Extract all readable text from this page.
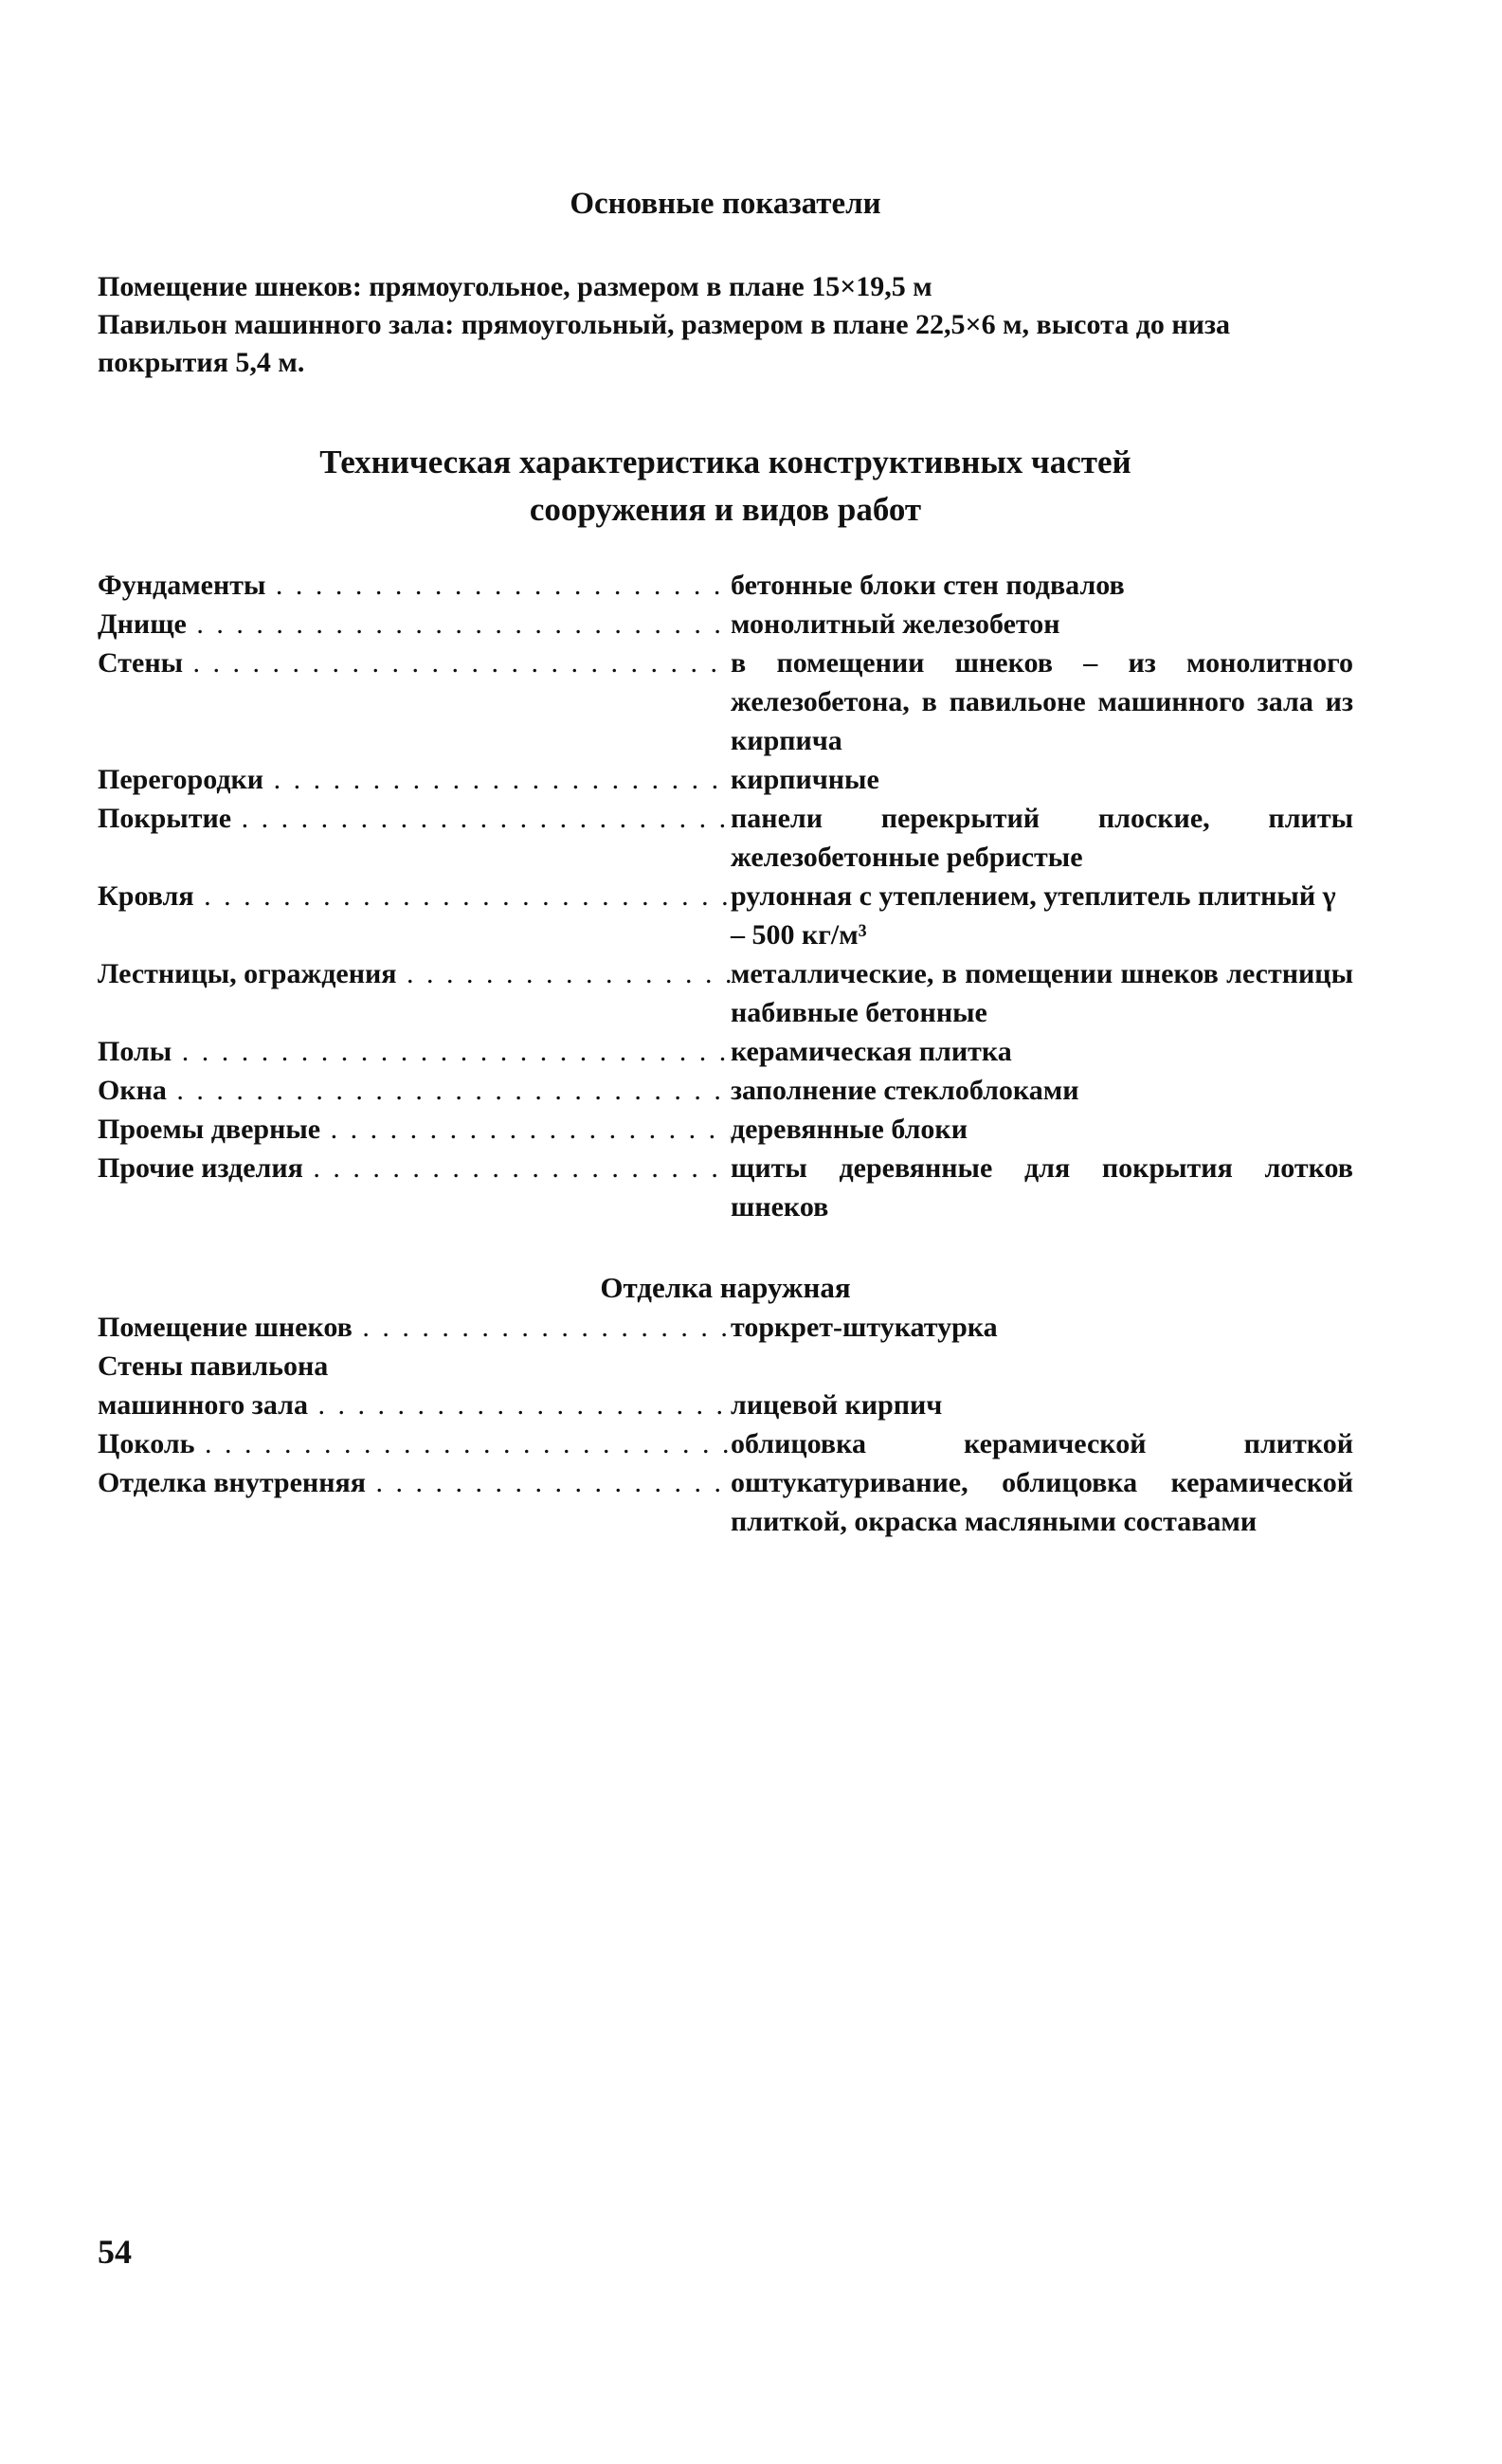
Основные показатели

Помещение шнеков: прямоугольное, размером в плане 15×19,5 м

Павильон машинного зала: прямоугольный, размером в плане 22,5×6 м, высота до низа покрытия 5,4 м.

Техническая характеристика конструктивных частей
сооружения и видов работ
Фундаменты . . .	бетонные блоки стен подвалов
Днище . . .	монолитный железобетон
Стены . . .	в помещении шнеков – из монолитного железобетона, в павильоне машинного зала из кирпича
Перегородки . . .	кирпичные
Покрытие . . .	панели перекрытий плоские, плиты железобетонные ребристые
Кровля . . .	рулонная с утеплением, утеплитель плитный γ – 500 кг/м³
Лестницы, ограждения . . .	металлические, в помещении шнеков лестницы набивные бетонные
Полы . . .	керамическая плитка
Окна . . .	заполнение стеклоблоками
Проемы дверные . . .	деревянные блоки
Прочие изделия . . .	щиты деревянные для покрытия лотков шнеков
Отделка наружная
Помещение шнеков . . .	торкрет-штукатурка
Стены павильона
машинного зала . . .	лицевой кирпич
Цоколь . . .	облицовка керамической плиткой
Отделка внутренняя . . .	оштукатуривание, облицовка керамической плиткой, окраска масляными составами
54
